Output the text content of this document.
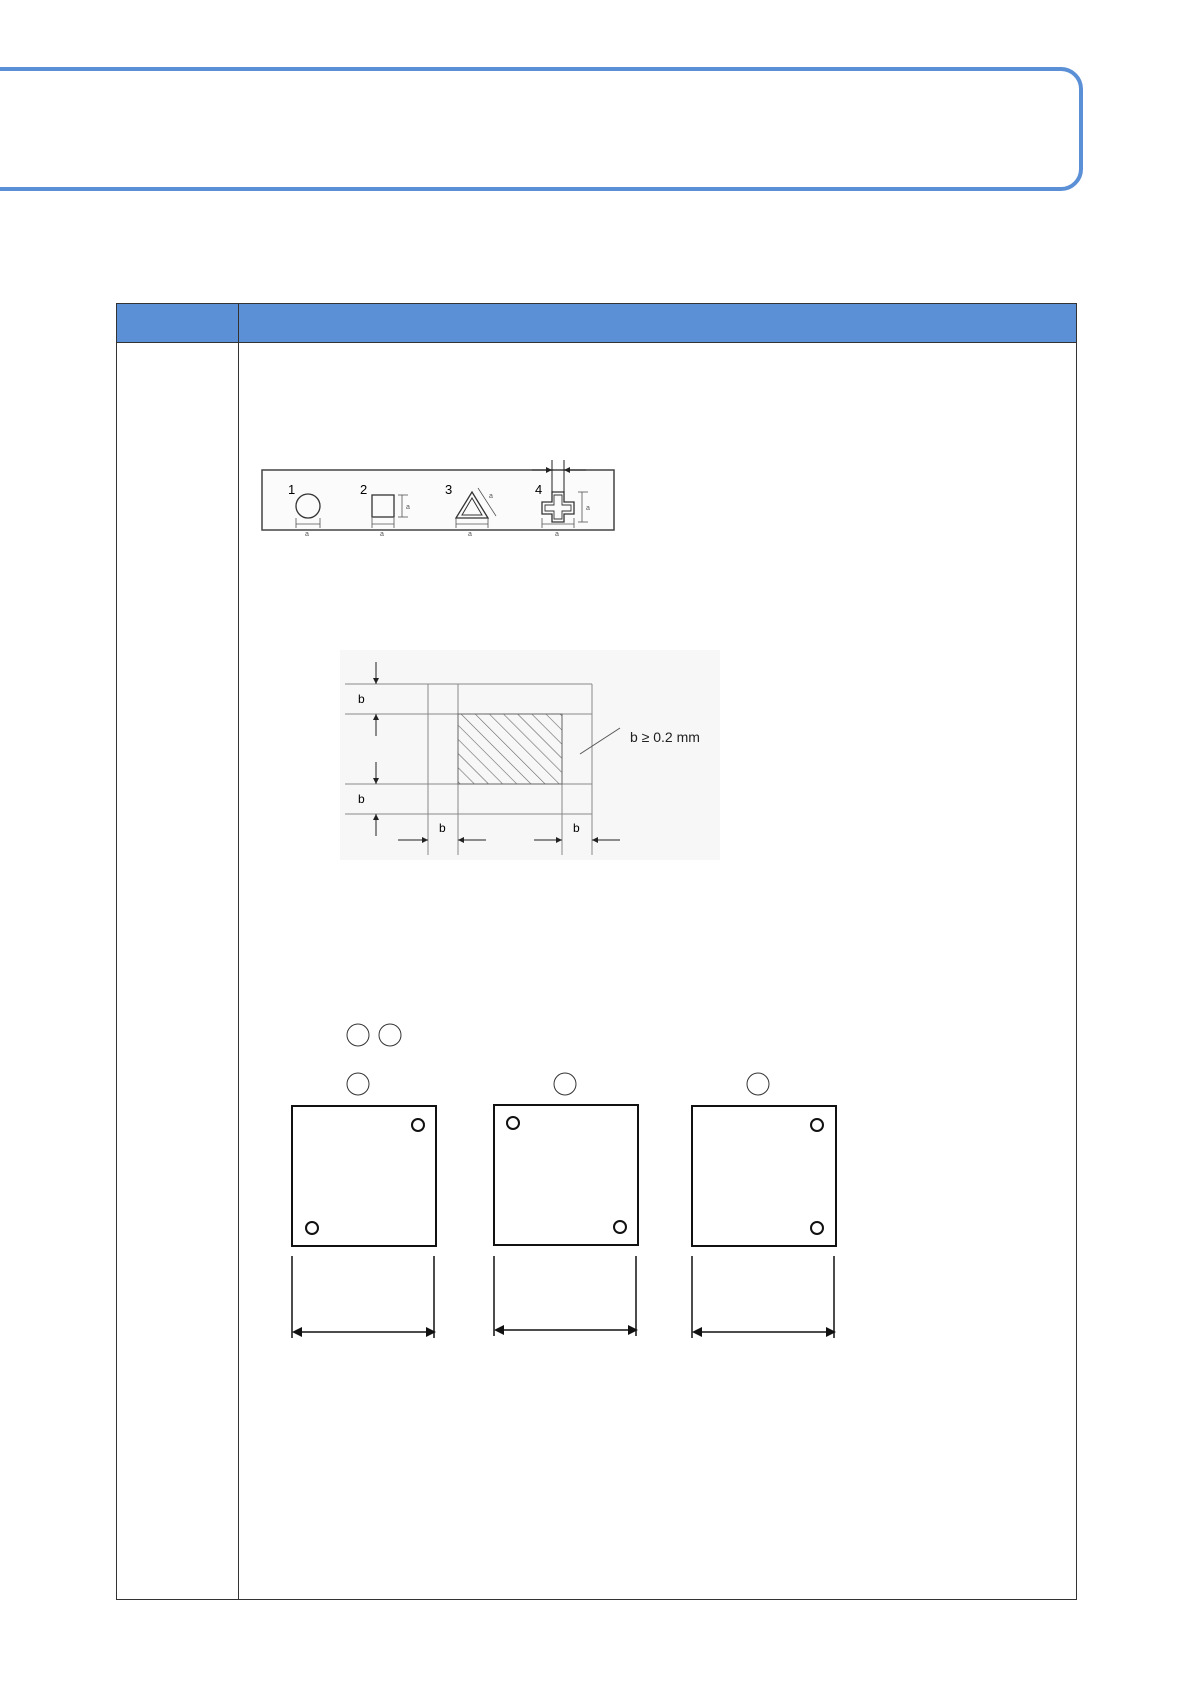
1
a
2
a
a
3
a
a	4
a
a
b ≥ 0.2 mm
b
b
b	b
